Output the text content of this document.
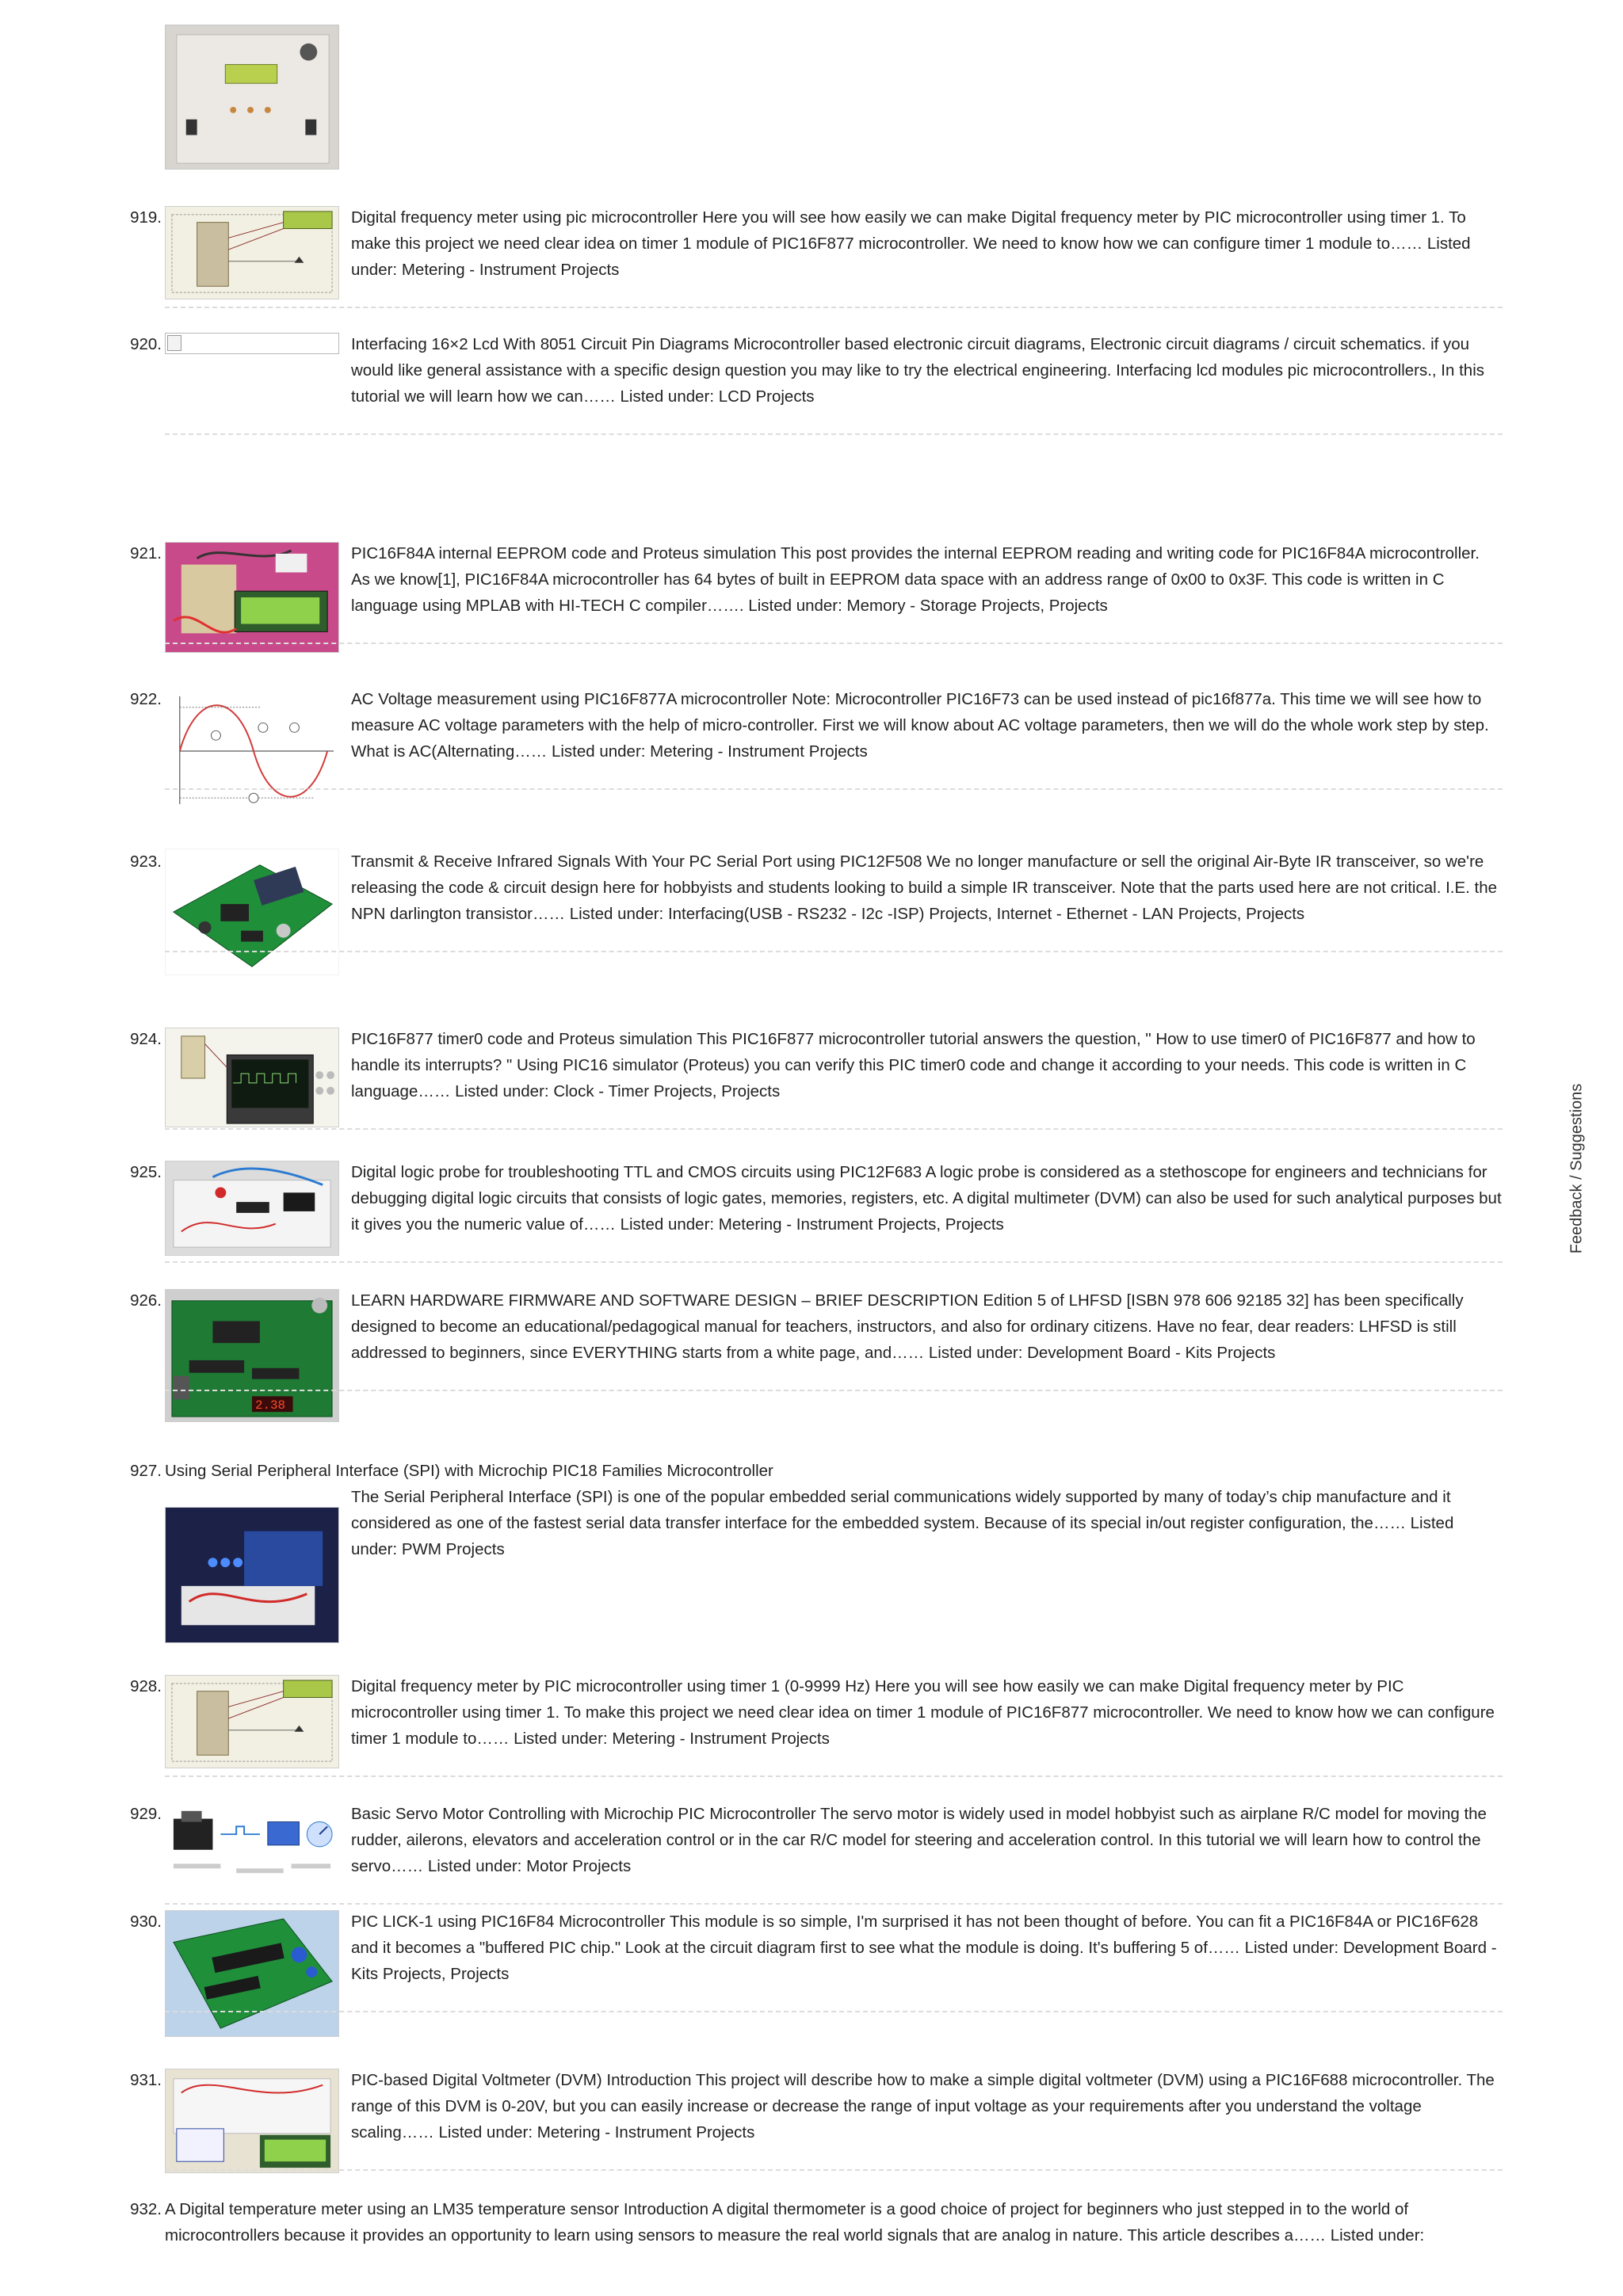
919.	Digital frequency meter using pic microcontroller Here you will see how easily we can make Digital frequency meter by PIC microcontroller using timer 1. To make this project we need clear idea on timer 1 module of PIC16F877 microcontroller. We need to know how we can configure timer 1 module to…… Listed under: Metering - Instrument Projects
920.	Interfacing 16×2 Lcd With 8051 Circuit Pin Diagrams Microcontroller based electronic circuit diagrams, Electronic circuit diagrams / circuit schematics. if you would like general assistance with a specific design question you may like to try the electrical engineering. Interfacing lcd modules pic microcontrollers., In this tutorial we will learn how we can…… Listed under: LCD Projects
921.	PIC16F84A internal EEPROM code and Proteus simulation This post provides the internal EEPROM reading and writing code for PIC16F84A microcontroller. As we know[1], PIC16F84A microcontroller has 64 bytes of built in EEPROM data space with an address range of 0x00 to 0x3F. This code is written in C language using MPLAB with HI-TECH C compiler……. Listed under: Memory - Storage Projects, Projects
922.	AC Voltage measurement using PIC16F877A microcontroller Note: Microcontroller PIC16F73 can be used instead of pic16f877a. This time we will see how to measure AC voltage parameters with the help of micro-controller. First we will know about AC voltage parameters, then we will do the whole work step by step. What is AC(Alternating…… Listed under: Metering - Instrument Projects
923.	Transmit & Receive Infrared Signals With Your PC Serial Port using PIC12F508 We no longer manufacture or sell the original Air-Byte IR transceiver, so we're releasing the code & circuit design here for hobbyists and students looking to build a simple IR transceiver. Note that the parts used here are not critical. I.E. the NPN darlington transistor…… Listed under: Interfacing(USB - RS232 - I2c -ISP) Projects, Internet - Ethernet - LAN Projects, Projects
924.	PIC16F877 timer0 code and Proteus simulation This PIC16F877 microcontroller tutorial answers the question, " How to use timer0 of PIC16F877 and how to handle its interrupts? " Using PIC16 simulator (Proteus) you can verify this PIC timer0 code and change it according to your needs. This code is written in C language…… Listed under: Clock - Timer Projects, Projects
925.	Digital logic probe for troubleshooting TTL and CMOS circuits using PIC12F683 A logic probe is considered as a stethoscope for engineers and technicians for debugging digital logic circuits that consists of logic gates, memories, registers, etc. A digital multimeter (DVM) can also be used for such analytical purposes but it gives you the numeric value of…… Listed under: Metering - Instrument Projects, Projects
926.
2.38
LEARN HARDWARE FIRMWARE AND SOFTWARE DESIGN – BRIEF DESCRIPTION Edition 5 of LHFSD [ISBN 978 606 92185 32] has been specifically designed to become an educational/pedagogical manual for teachers, instructors, and also for ordinary citizens. Have no fear, dear readers: LHFSD is still addressed to beginners, since EVERYTHING starts from a white page, and…… Listed under: Development Board - Kits Projects
927. Using Serial Peripheral Interface (SPI) with Microchip PIC18 Families Microcontroller
The Serial Peripheral Interface (SPI) is one of the popular embedded serial communications widely supported by many of today’s chip manufacture and it considered as one of the fastest serial data transfer interface for the embedded system. Because of its special in/out register configuration, the…… Listed under: PWM Projects
928.	Digital frequency meter by PIC microcontroller using timer 1 (0-9999 Hz) Here you will see how easily we can make Digital frequency meter by PIC microcontroller using timer 1. To make this project we need clear idea on timer 1 module of PIC16F877 microcontroller. We need to know how we can configure timer 1 module to…… Listed under: Metering - Instrument Projects
929.	Basic Servo Motor Controlling with Microchip PIC Microcontroller The servo motor is widely used in model hobbyist such as airplane R/C model for moving the rudder, ailerons, elevators and acceleration control or in the car R/C model for steering and acceleration control. In this tutorial we will learn how to control the servo…… Listed under: Motor Projects
930.	PIC LICK-1 using PIC16F84 Microcontroller This module is so simple, I'm surprised it has not been thought of before. You can fit a PIC16F84A or PIC16F628 and it becomes a "buffered PIC chip." Look at the circuit diagram first to see what the module is doing. It's buffering 5 of…… Listed under: Development Board - Kits Projects, Projects
931.	PIC-based Digital Voltmeter (DVM) Introduction This project will describe how to make a simple digital voltmeter (DVM) using a PIC16F688 microcontroller. The range of this DVM is 0-20V, but you can easily increase or decrease the range of input voltage as your requirements after you understand the voltage scaling…… Listed under: Metering - Instrument Projects
932. A Digital temperature meter using an LM35 temperature sensor Introduction A digital thermometer is a good choice of project for beginners who just stepped in to the world of microcontrollers because it provides an opportunity to learn using sensors to measure the real world signals that are analog in nature. This article describes a…… Listed under:
Feedback / Suggestions
